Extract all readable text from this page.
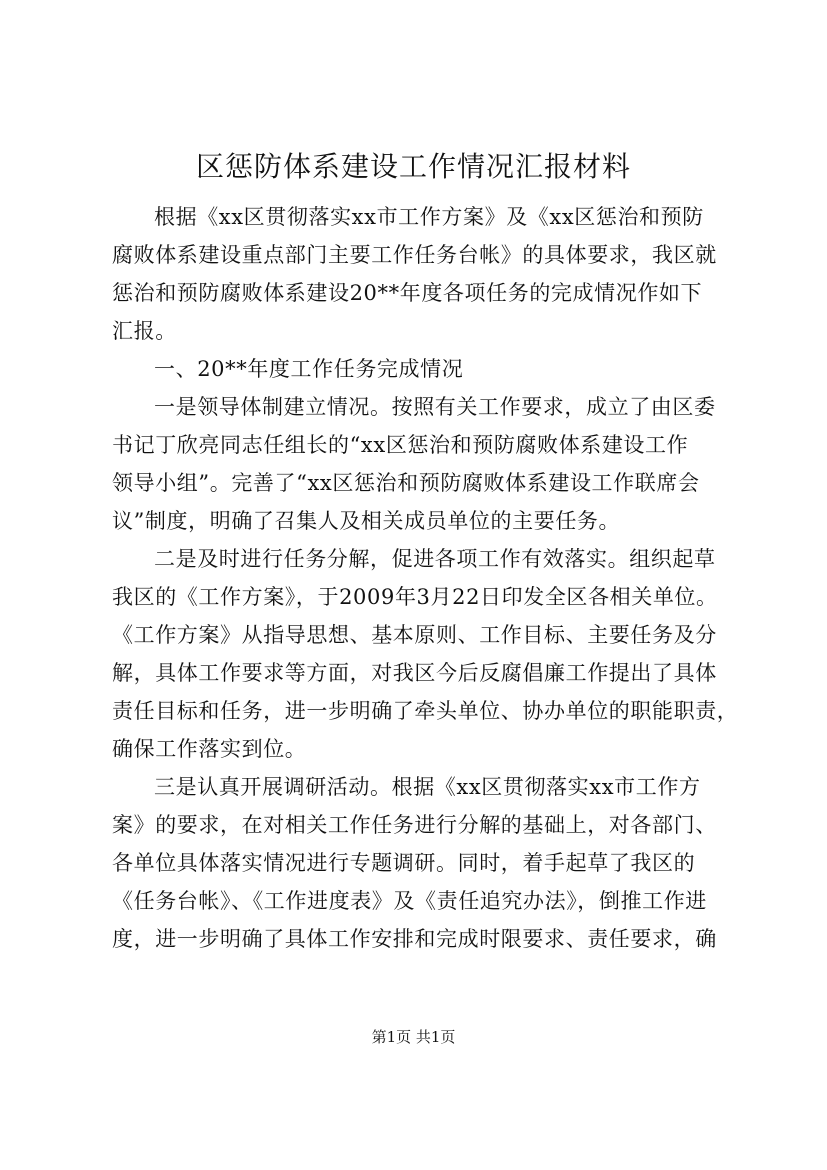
区惩防体系建设工作情况汇报材料
根据《xx区贯彻落实xx市工作方案》及《xx区惩治和预防
腐败体系建设重点部门主要工作任务台帐》的具体要求，我区就
惩治和预防腐败体系建设20**年度各项任务的完成情况作如下
汇报。
一、20**年度工作任务完成情况
一是领导体制建立情况。按照有关工作要求，成立了由区委
书记丁欣亮同志任组长的“xx区惩治和预防腐败体系建设工作
领导小组”。完善了“xx区惩治和预防腐败体系建设工作联席会
议”制度，明确了召集人及相关成员单位的主要任务。
二是及时进行任务分解，促进各项工作有效落实。组织起草
我区的《工作方案》，于2009年3月22日印发全区各相关单位。
《工作方案》从指导思想、基本原则、工作目标、主要任务及分
解，具体工作要求等方面，对我区今后反腐倡廉工作提出了具体
责任目标和任务，进一步明确了牵头单位、协办单位的职能职责，
确保工作落实到位。
三是认真开展调研活动。根据《xx区贯彻落实xx市工作方
案》的要求，在对相关工作任务进行分解的基础上，对各部门、
各单位具体落实情况进行专题调研。同时，着手起草了我区的
《任务台帐》、《工作进度表》及《责任追究办法》，倒推工作进
度，进一步明确了具体工作安排和完成时限要求、责任要求，确
第1页 共1页
